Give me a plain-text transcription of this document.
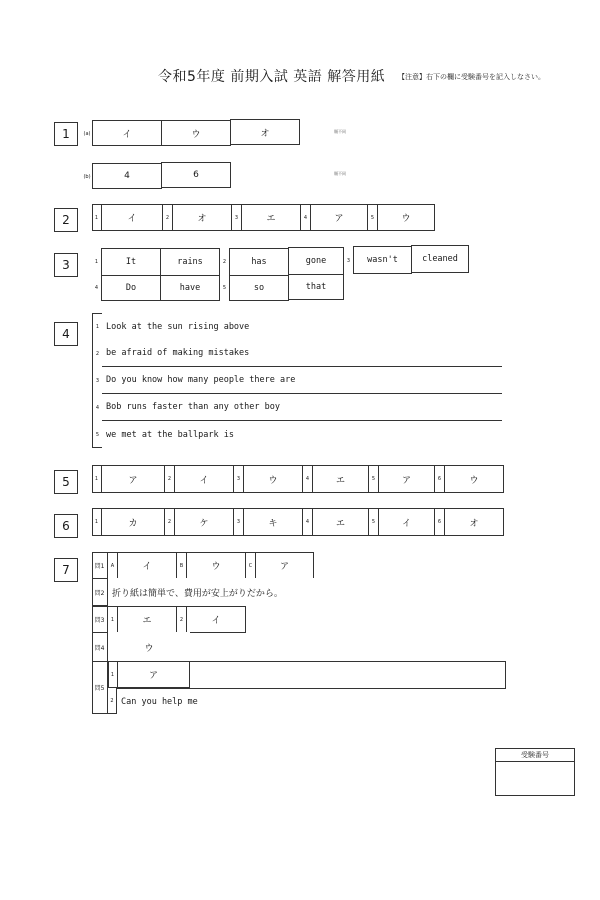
令和5年度 前期入試 英語 解答用紙 【注意】右下の欄に受験番号を記入しなさい。
1	(a)	イ	ウ	オ	順不同
(b)	4	6	順不同
2	1	イ	2	オ	3	エ	4	ア	5	ウ
3	1	It	rains	2	has	gone	3	wasn't	cleaned
4	Do	have	5	so	that
4	1 Look at the sun rising above
2 be afraid of making mistakes
3 Do you know how many people there are
4 Bob runs faster than any other boy
5 we met at the ballpark is
5	1	ア	2	イ	3	ウ	4	エ	5	ア	6	ウ
6	1	カ	2	ケ	3	キ	4	エ	5	イ	6	オ
7	問1	A	イ	B	ウ	C	ア
問2 折り紙は簡単で、費用が安上がりだから。
問3	1	エ	2	イ
問4	ウ
問5
1	ア
2 Can you help me
受験番号
